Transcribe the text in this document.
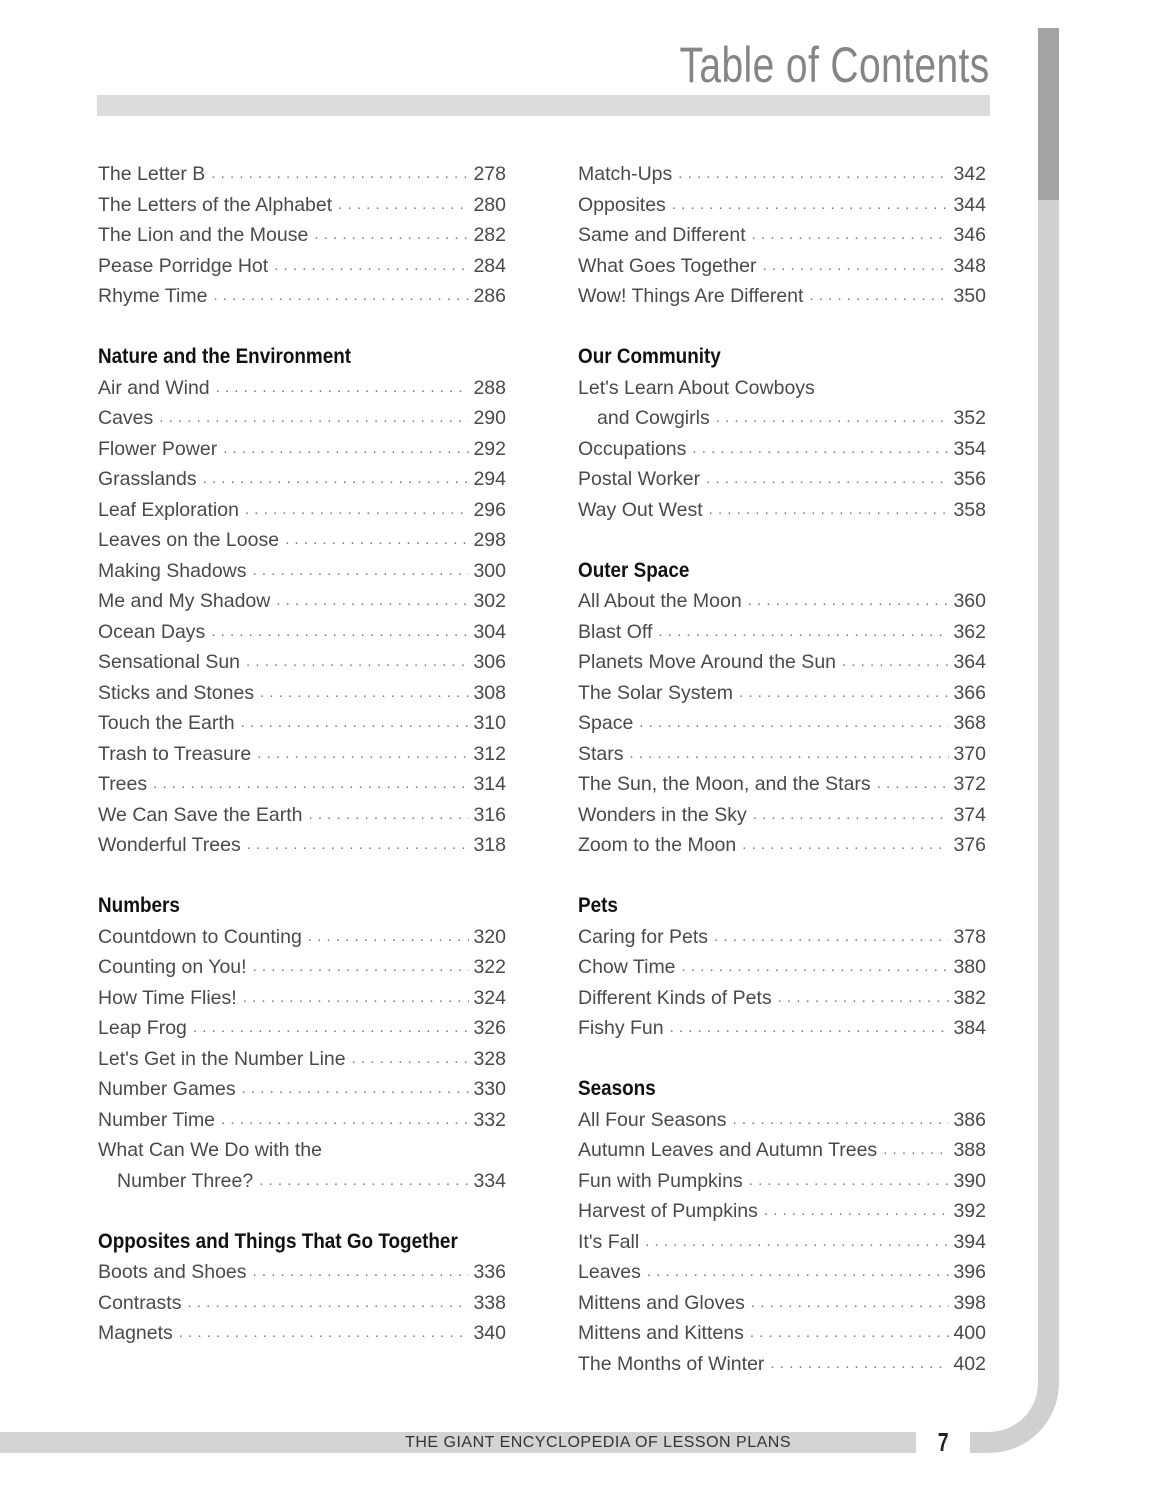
Table of Contents
The Letter B . . .	278
The Letters of the Alphabet . . .	280
The Lion and the Mouse . . .	282
Pease Porridge Hot . . .	284
Rhyme Time . . .	286
Nature and the Environment
Air and Wind . . .	288
Caves . . .	290
Flower Power . . .	292
Grasslands . . .	294
Leaf Exploration . . .	296
Leaves on the Loose . . .	298
Making Shadows . . .	300
Me and My Shadow . . .	302
Ocean Days . . .	304
Sensational Sun . . .	306
Sticks and Stones . . .	308
Touch the Earth . . .	310
Trash to Treasure . . .	312
Trees . . .	314
We Can Save the Earth . . .	316
Wonderful Trees . . .	318
Numbers
Countdown to Counting . . .	320
Counting on You! . . .	322
How Time Flies! . . .	324
Leap Frog . . .	326
Let's Get in the Number Line . . .	328
Number Games . . .	330
Number Time . . .	332
What Can We Do with the
Number Three? . . .	334
Opposites and Things That Go Together
Boots and Shoes . . .	336
Contrasts . . .	338
Magnets . . .	340
Match-Ups . . .	342
Opposites . . .	344
Same and Different . . .	346
What Goes Together . . .	348
Wow! Things Are Different . . .	350
Our Community
Let's Learn About Cowboys
and Cowgirls . . .	352
Occupations . . .	354
Postal Worker . . .	356
Way Out West . . .	358
Outer Space
All About the Moon . . .	360
Blast Off . . .	362
Planets Move Around the Sun . . .	364
The Solar System . . .	366
Space . . .	368
Stars . . .	370
The Sun, the Moon, and the Stars . . .	372
Wonders in the Sky . . .	374
Zoom to the Moon . . .	376
Pets
Caring for Pets . . .	378
Chow Time . . .	380
Different Kinds of Pets . . .	382
Fishy Fun . . .	384
Seasons
All Four Seasons . . .	386
Autumn Leaves and Autumn Trees . . .	388
Fun with Pumpkins . . .	390
Harvest of Pumpkins . . .	392
It's Fall . . .	394
Leaves . . .	396
Mittens and Gloves . . .	398
Mittens and Kittens . . .	400
The Months of Winter . . .	402
THE GIANT ENCYCLOPEDIA OF LESSON PLANS	7
